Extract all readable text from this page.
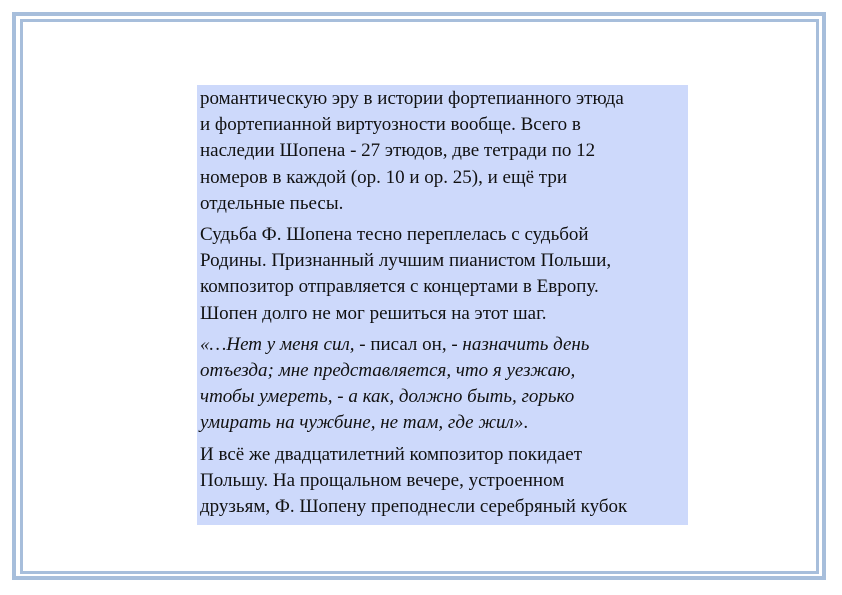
романтическую эру в истории фортепианного этюда
и фортепианной виртуозности вообще. Всего в
наследии Шопена - 27 этюдов, две тетради по 12
номеров в каждой (ор. 10 и ор. 25), и ещё три
отдельные пьесы.

Судьба Ф. Шопена тесно переплелась с судьбой
Родины. Признанный лучшим пианистом Польши,
композитор отправляется с концертами в Европу.
Шопен долго не мог решиться на этот шаг.

«…Нет у меня сил, - писал он, - назначить день
отъезда; мне представляется, что я уезжаю,
чтобы умереть, - а как, должно быть, горько
умирать на чужбине, не там, где жил».

И всё же двадцатилетний композитор покидает
Польшу. На прощальном вечере, устроенном
друзьям, Ф. Шопену преподнесли серебряный кубок
